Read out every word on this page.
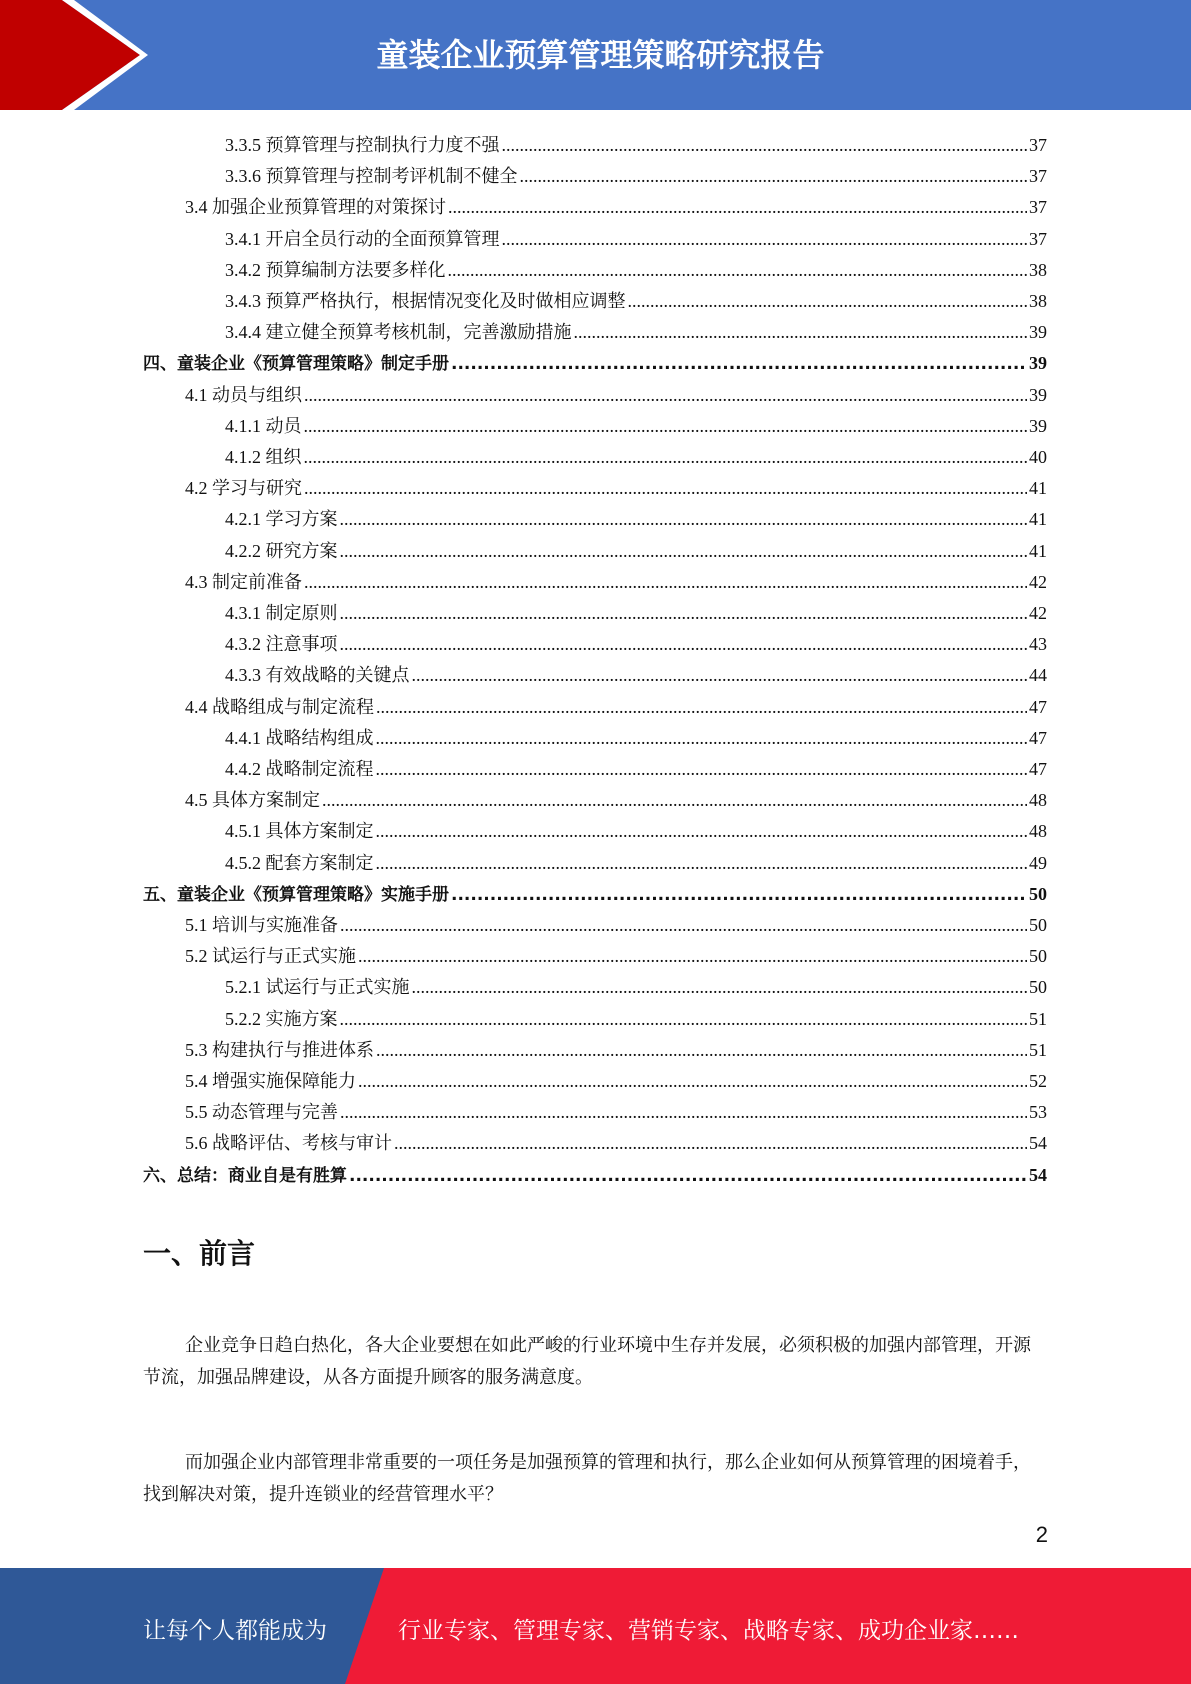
童装企业预算管理策略研究报告
3.3.5 预算管理与控制执行力度不强 .....	37
3.3.6 预算管理与控制考评机制不健全 .....	37
3.4 加强企业预算管理的对策探讨 .....	37
3.4.1 开启全员行动的全面预算管理 .....	37
3.4.2 预算编制方法要多样化 .....	38
3.4.3 预算严格执行，根据情况变化及时做相应调整 .....	38
3.4.4 建立健全预算考核机制，完善激励措施 .....	39
四、童装企业《预算管理策略》制定手册 .....	39
4.1 动员与组织 .....	39
4.1.1 动员 .....	39
4.1.2 组织 .....	40
4.2 学习与研究 .....	41
4.2.1 学习方案 .....	41
4.2.2 研究方案 .....	41
4.3 制定前准备 .....	42
4.3.1 制定原则 .....	42
4.3.2 注意事项 .....	43
4.3.3 有效战略的关键点 .....	44
4.4 战略组成与制定流程 .....	47
4.4.1 战略结构组成 .....	47
4.4.2 战略制定流程 .....	47
4.5 具体方案制定 .....	48
4.5.1 具体方案制定 .....	48
4.5.2 配套方案制定 .....	49
五、童装企业《预算管理策略》实施手册 .....	50
5.1 培训与实施准备 .....	50
5.2 试运行与正式实施 .....	50
5.2.1 试运行与正式实施 .....	50
5.2.2 实施方案 .....	51
5.3 构建执行与推进体系 .....	51
5.4 增强实施保障能力 .....	52
5.5 动态管理与完善 .....	53
5.6 战略评估、考核与审计 .....	54
六、总结：商业自是有胜算 .....	54
一、前言

企业竞争日趋白热化，各大企业要想在如此严峻的行业环境中生存并发展，必须积极的加强内部管理，开源节流，加强品牌建设，从各方面提升顾客的服务满意度。

而加强企业内部管理非常重要的一项任务是加强预算的管理和执行，那么企业如何从预算管理的困境着手，找到解决对策，提升连锁业的经营管理水平？

2
让每个人都能成为	行业专家、管理专家、营销专家、战略专家、成功企业家……
